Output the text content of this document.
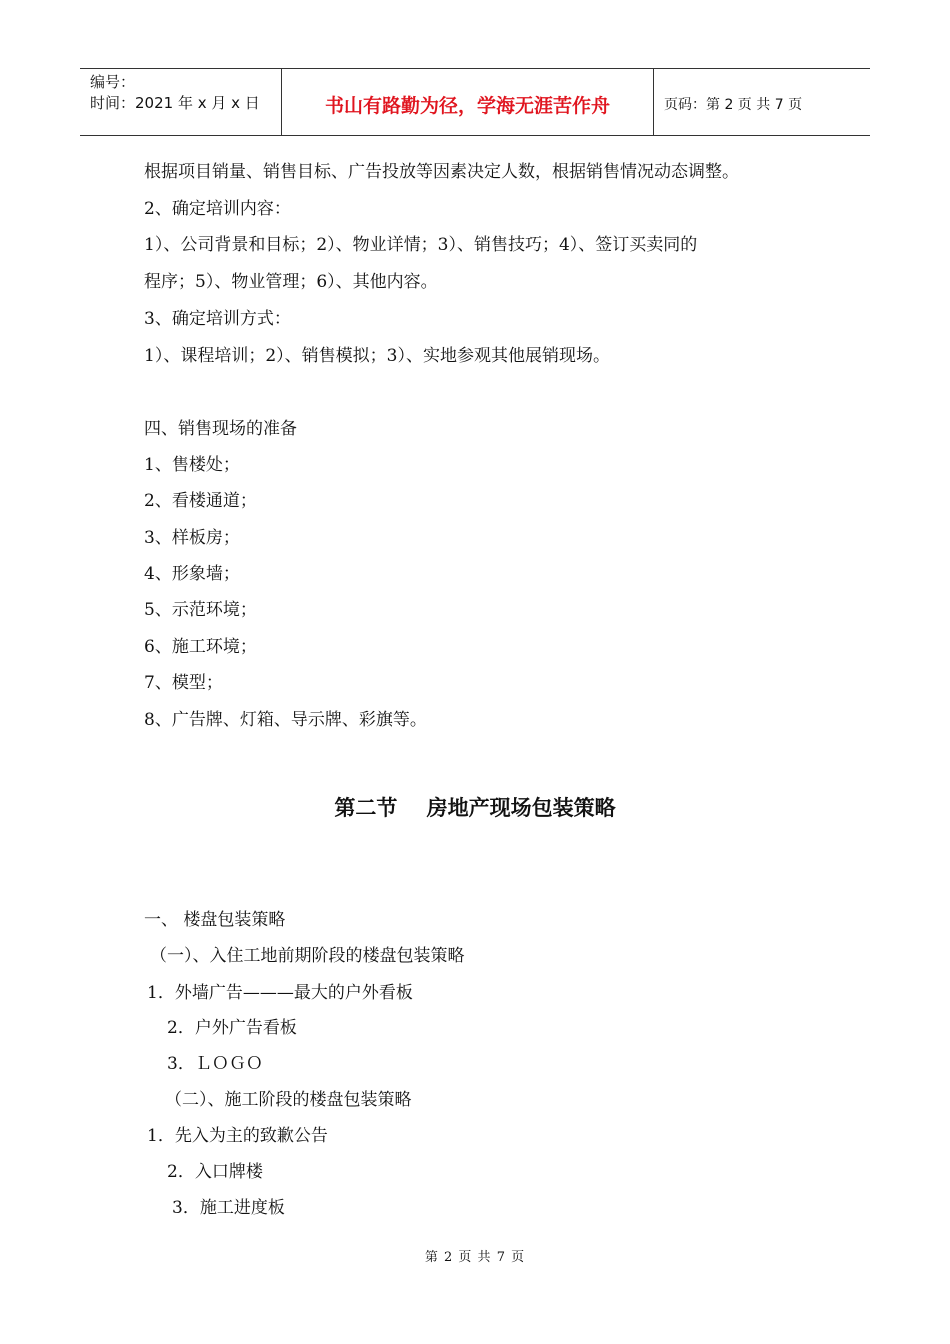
编号：
时间：2021 年 x 月 x 日	书山有路勤为径，学海无涯苦作舟	页码：第 2 页 共 7 页
根据项目销量、销售目标、广告投放等因素决定人数，根据销售情况动态调整。
2、确定培训内容：
1）、公司背景和目标；2）、物业详情；3）、销售技巧；4）、签订买卖同的
程序；5）、物业管理；6）、其他内容。
3、确定培训方式：
1）、课程培训；2）、销售模拟；3）、实地参观其他展销现场。
四、销售现场的准备
1、售楼处；
2、看楼通道；
3、样板房；
4、形象墙；
5、示范环境；
6、施工环境；
7、模型；
8、广告牌、灯箱、导示牌、彩旗等。
第二节    房地产现场包装策略
一、 楼盘包装策略
（一）、入住工地前期阶段的楼盘包装策略
1．外墙广告———最大的户外看板
2．户外广告看板
3．ＬＯＧＯ
（二）、施工阶段的楼盘包装策略
1．先入为主的致歉公告
2．入口牌楼
3．施工进度板
第 2 页 共 7 页
